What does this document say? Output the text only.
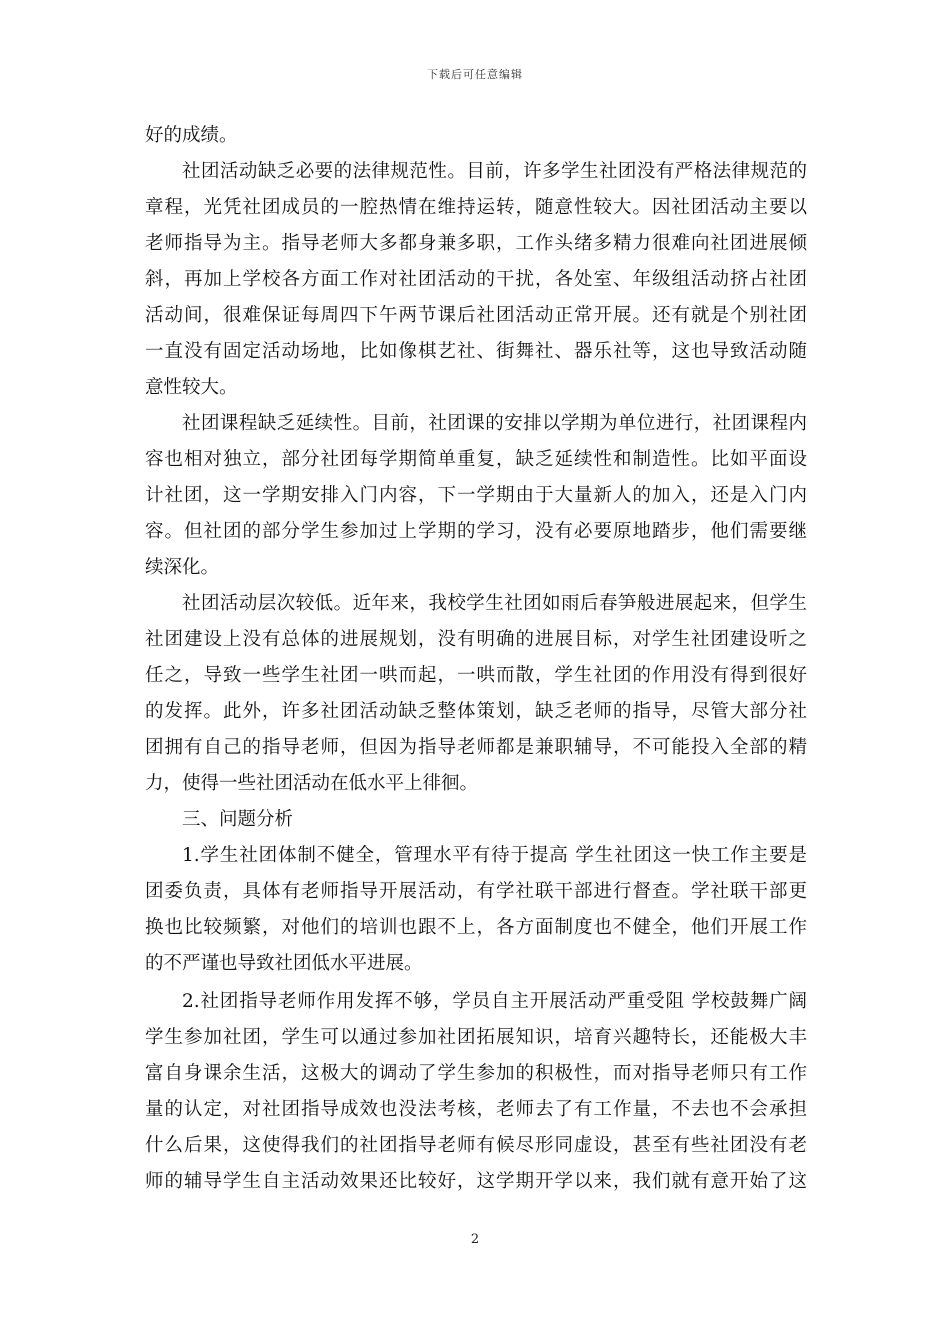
下载后可任意编辑
好的成绩。
社团活动缺乏必要的法律规范性。目前，许多学生社团没有严格法律规范的
章程，光凭社团成员的一腔热情在维持运转，随意性较大。因社团活动主要以
老师指导为主。指导老师大多都身兼多职，工作头绪多精力很难向社团进展倾
斜，再加上学校各方面工作对社团活动的干扰，各处室、年级组活动挤占社团
活动间，很难保证每周四下午两节课后社团活动正常开展。还有就是个别社团
一直没有固定活动场地，比如像棋艺社、街舞社、器乐社等，这也导致活动随
意性较大。
社团课程缺乏延续性。目前，社团课的安排以学期为单位进行，社团课程内
容也相对独立，部分社团每学期简单重复，缺乏延续性和制造性。比如平面设
计社团，这一学期安排入门内容，下一学期由于大量新人的加入，还是入门内
容。但社团的部分学生参加过上学期的学习，没有必要原地踏步，他们需要继
续深化。
社团活动层次较低。近年来，我校学生社团如雨后春笋般进展起来，但学生
社团建设上没有总体的进展规划，没有明确的进展目标，对学生社团建设听之
任之，导致一些学生社团一哄而起，一哄而散，学生社团的作用没有得到很好
的发挥。此外，许多社团活动缺乏整体策划，缺乏老师的指导，尽管大部分社
团拥有自己的指导老师，但因为指导老师都是兼职辅导，不可能投入全部的精
力，使得一些社团活动在低水平上徘徊。
三、问题分析
1.学生社团体制不健全，管理水平有待于提高 学生社团这一快工作主要是
团委负责，具体有老师指导开展活动，有学社联干部进行督查。学社联干部更
换也比较频繁，对他们的培训也跟不上，各方面制度也不健全，他们开展工作
的不严谨也导致社团低水平进展。
2.社团指导老师作用发挥不够，学员自主开展活动严重受阻 学校鼓舞广阔
学生参加社团，学生可以通过参加社团拓展知识，培育兴趣特长，还能极大丰
富自身课余生活，这极大的调动了学生参加的积极性，而对指导老师只有工作
量的认定，对社团指导成效也没法考核，老师去了有工作量，不去也不会承担
什么后果，这使得我们的社团指导老师有候尽形同虚设，甚至有些社团没有老
师的辅导学生自主活动效果还比较好，这学期开学以来，我们就有意开始了这
2
